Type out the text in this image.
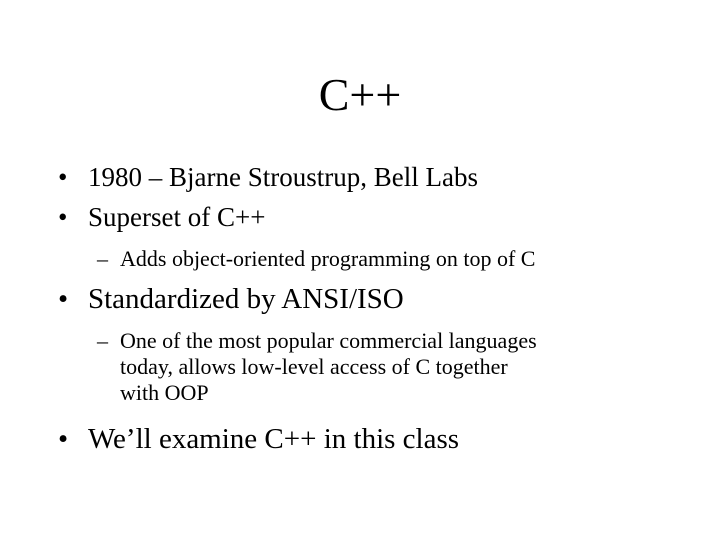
C++
• 1980 – Bjarne Stroustrup, Bell Labs
• Superset of C++
– Adds object-oriented programming on top of C
• Standardized by ANSI/ISO
– One of the most popular commercial languages
today, allows low-level access of C together
with OOP
• We’ll examine C++ in this class
